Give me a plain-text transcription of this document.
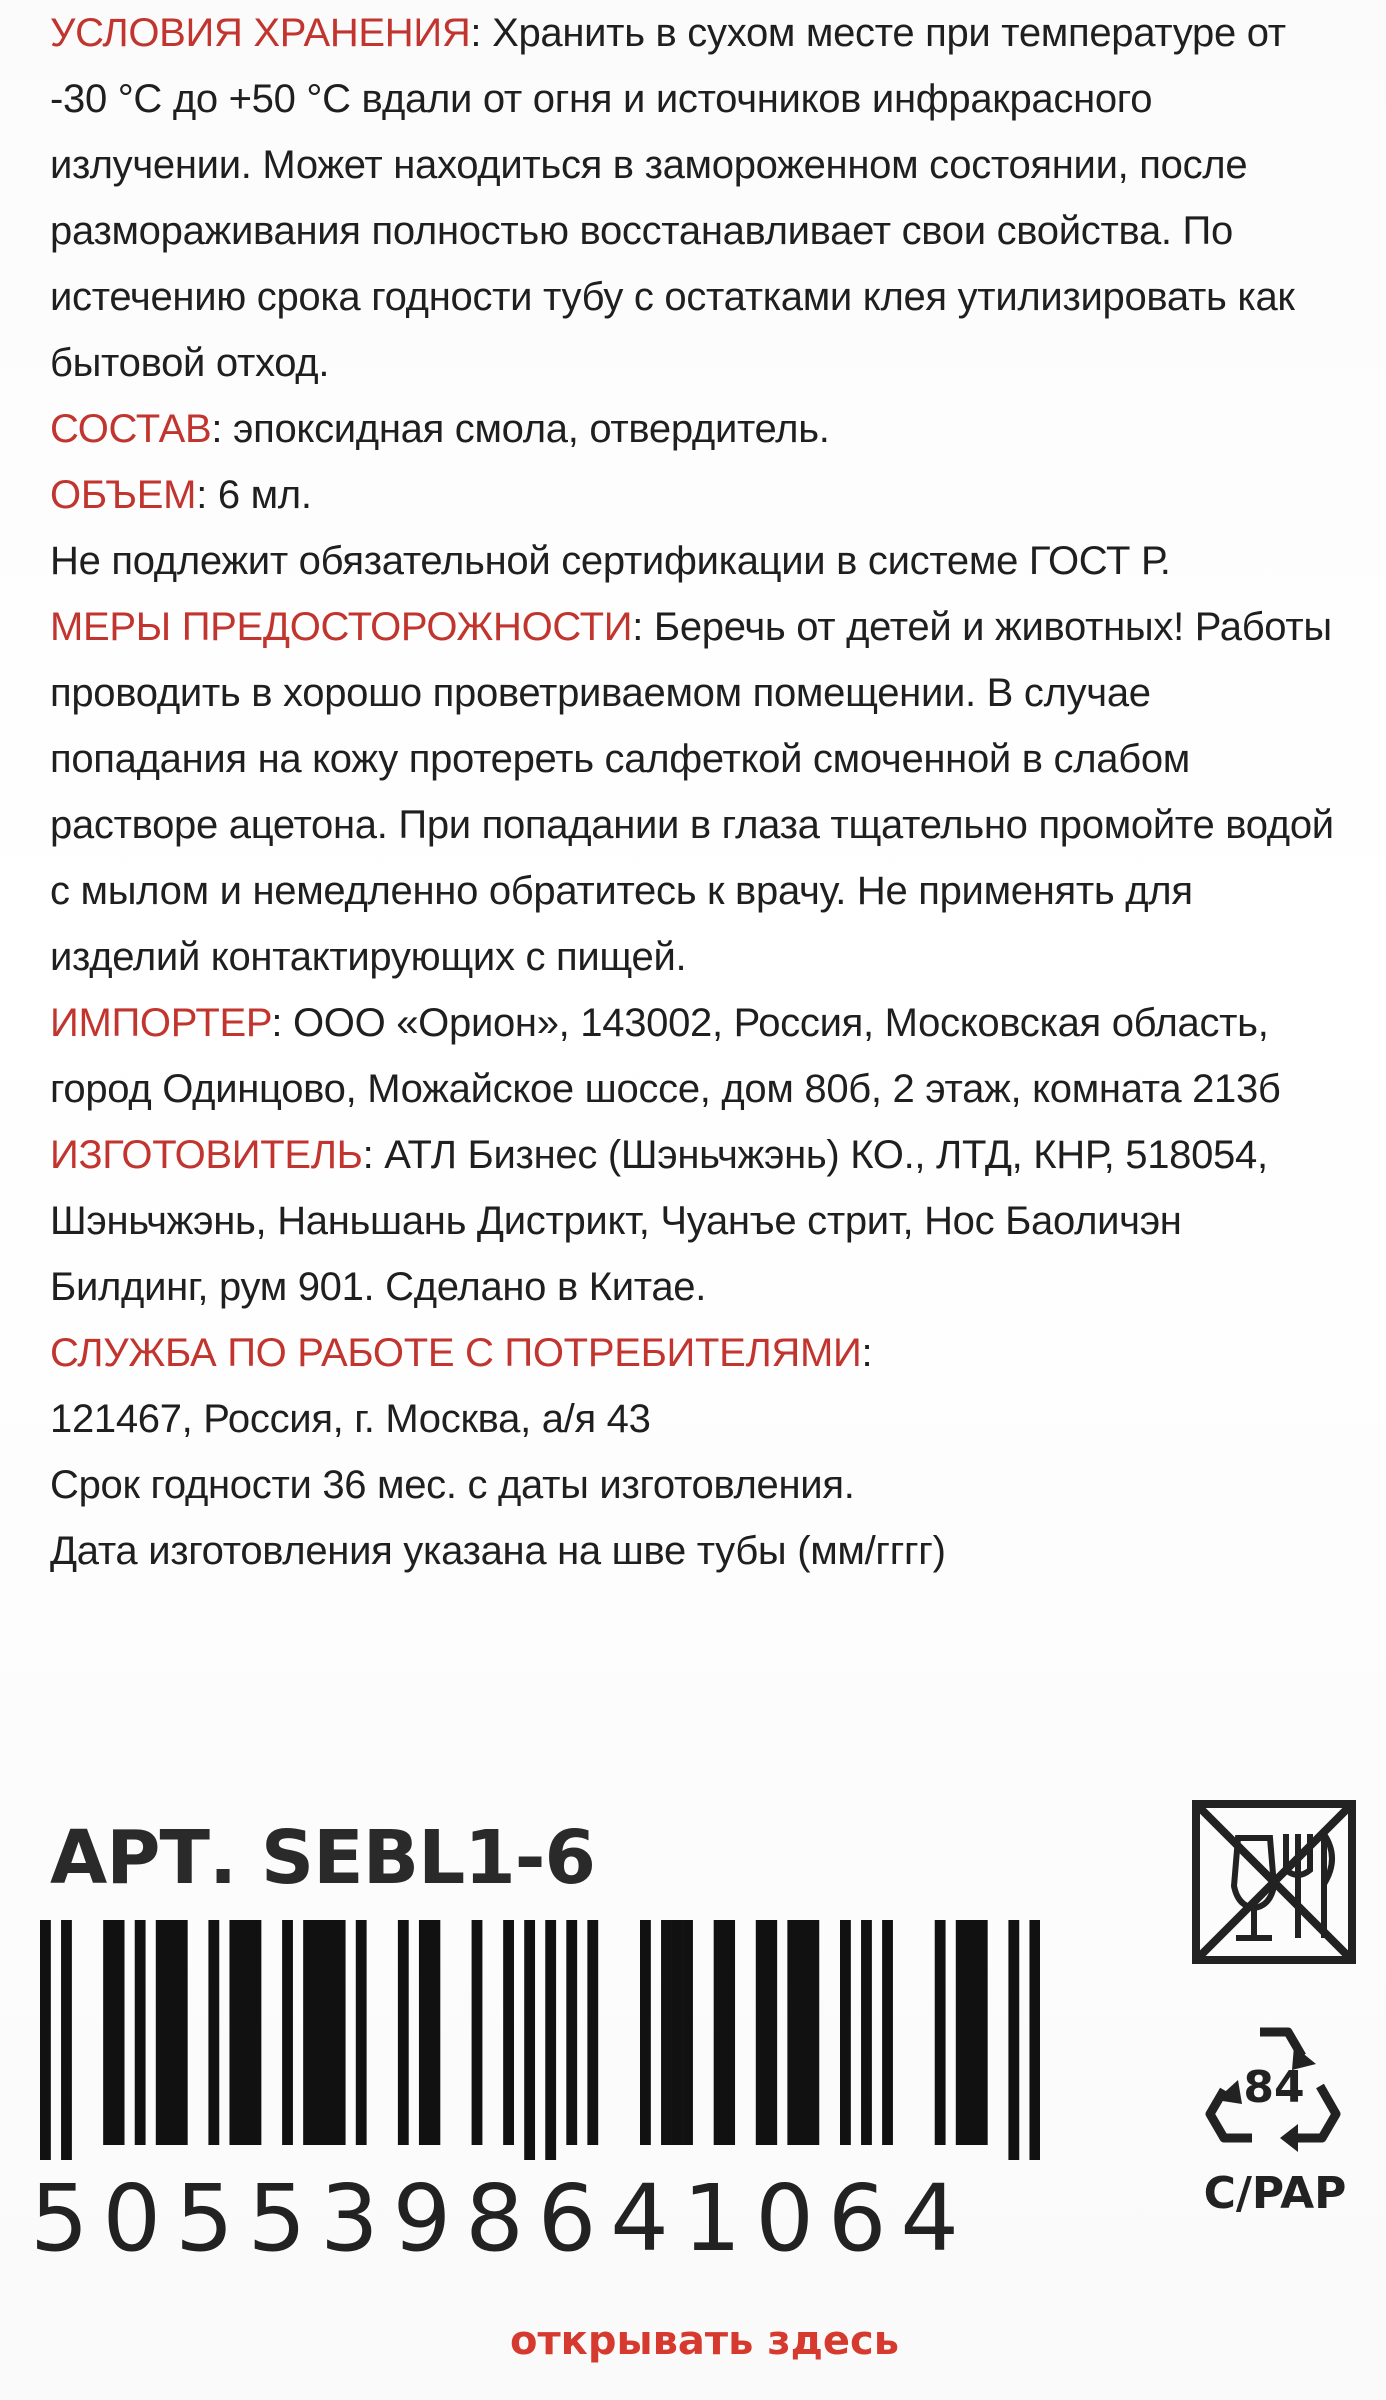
УСЛОВИЯ ХРАНЕНИЯ: Хранить в сухом месте при температуре от -30 °С до +50 °С вдали от огня и источников инфракрасного излучении. Может находиться в замороженном состоянии, после размораживания полностью восстанавливает свои свойства. По истечению срока годности тубу с остатками клея утилизировать как бытовой отход.

СОСТАВ: эпоксидная смола, отвердитель.

ОБЪЕМ: 6 мл.

Не подлежит обязательной сертификации в системе ГОСТ Р.

МЕРЫ ПРЕДОСТОРОЖНОСТИ: Беречь от детей и животных! Работы проводить в хорошо проветриваемом помещении. В случае попадания на кожу протереть салфеткой смоченной в слабом растворе ацетона. При попадании в глаза тщательно промойте водой с мылом и немедленно обратитесь к врачу. Не применять для изделий контактирующих с пищей.

ИМПОРТЕР: ООО «Орион», 143002, Россия, Московская область, город Одинцово, Можайское шоссе, дом 80б, 2 этаж, комната 213б

ИЗГОТОВИТЕЛЬ: АТЛ Бизнес (Шэньчжэнь) КО., ЛТД, КНР, 518054, Шэньчжэнь, Наньшань Дистрикт, Чуанъе стрит, Нос Баоличэн Билдинг, рум 901. Сделано в Китае.

СЛУЖБА ПО РАБОТЕ С ПОТРЕБИТЕЛЯМИ:

121467, Россия, г. Москва, а/я 43

Срок годности 36 мес. с даты изготовления.

Дата изготовления указана на шве тубы (мм/гггг)

АРТ. SEBL1-6
5055398641064
84
C/PAP
открывать здесь
